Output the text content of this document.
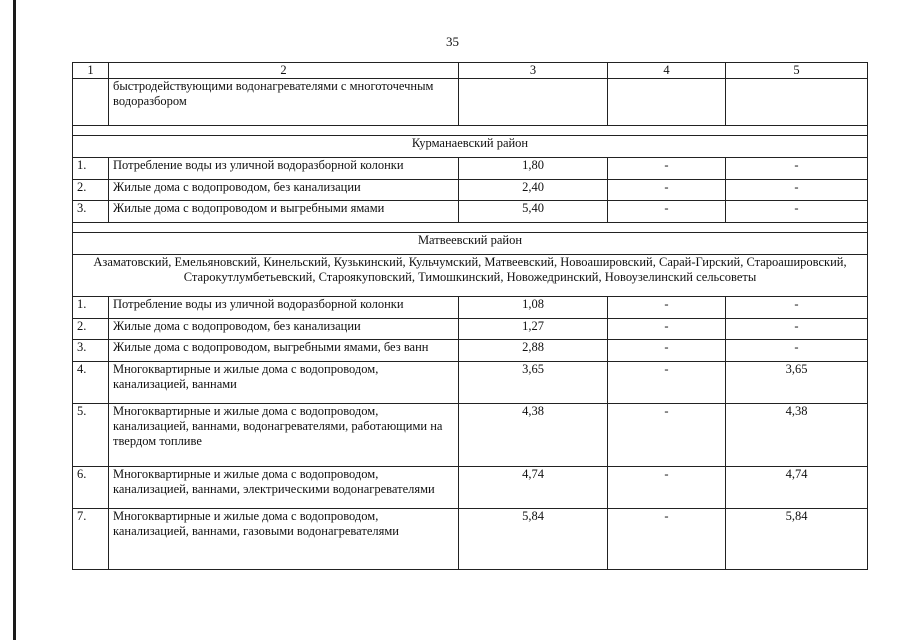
35
1	2	3	4	5
	быстродействующими водонагревателями с многоточечным водоразбором			

Курманаевский район				
1.	Потребление воды из уличной водоразборной колонки	1,80	-	-
2.	Жилые дома с водопроводом, без канализации	2,40	-	-
3.	Жилые дома с водопроводом и выгребными ямами	5,40	-	-

Матвеевский район				
Азаматовский, Емельяновский, Кинельский, Кузькинский, Кульчумский, Матвеевский, Новоашировский, Сарай-Гирский, Староашировский, Старокутлумбетьевский, Староякуповский, Тимошкинский, Новожедринский, Новоузелинский сельсоветы				
1.	Потребление воды из уличной водоразборной колонки	1,08	-	-
2.	Жилые дома с водопроводом, без канализации	1,27	-	-
3.	Жилые дома с водопроводом, выгребными ямами, без ванн	2,88	-	-
4.	Многоквартирные и жилые дома с водопроводом, канализацией, ваннами	3,65	-	3,65
5.	Многоквартирные и жилые дома с водопроводом, канализацией, ваннами, водонагревателями, работающими на твердом топливе	4,38	-	4,38
6.	Многоквартирные и жилые дома с водопроводом, канализацией, ваннами, электрическими водонагревателями	4,74	-	4,74
7.	Многоквартирные и жилые дома с водопроводом, канализацией, ваннами, газовыми водонагревателями	5,84	-	5,84
